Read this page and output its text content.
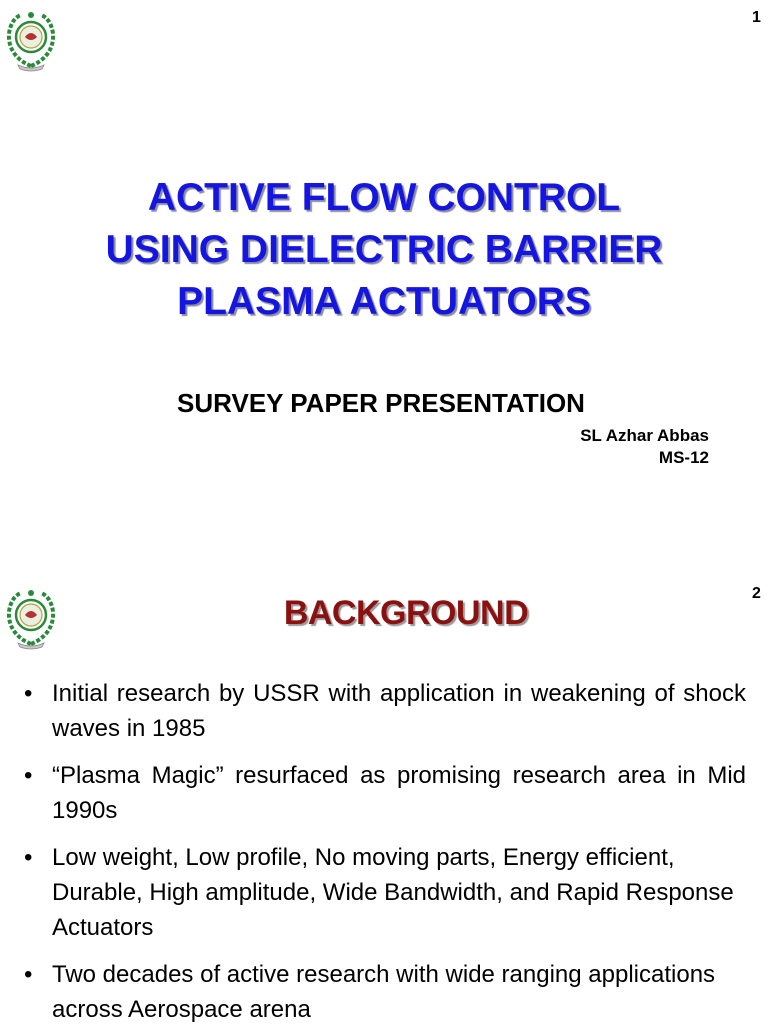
1
ACTIVE FLOW CONTROL
USING DIELECTRIC BARRIER
PLASMA ACTUATORS
SURVEY PAPER PRESENTATION
SL Azhar Abbas
MS-12
2
BACKGROUND
• Initial research by USSR with application in weakening of shock waves in 1985
• “Plasma Magic” resurfaced as promising research area in Mid 1990s
• Low weight, Low profile, No moving parts, Energy efficient, Durable, High amplitude, Wide Bandwidth, and Rapid Response Actuators
• Two decades of active research with wide ranging applications across Aerospace arena
